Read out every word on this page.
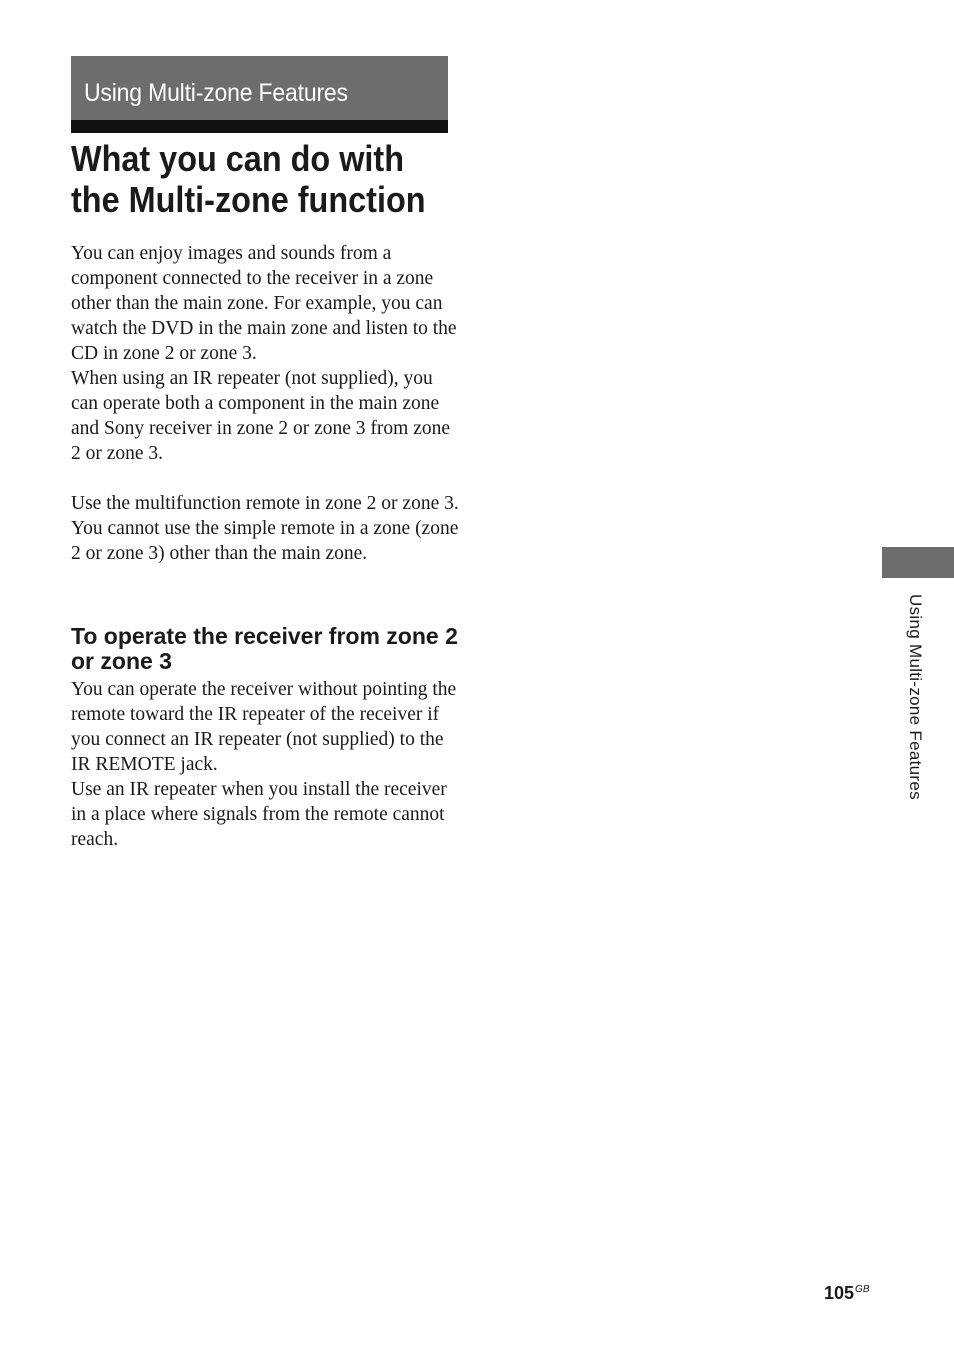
Using Multi-zone Features
What you can do with the Multi-zone function

You can enjoy images and sounds from a component connected to the receiver in a zone other than the main zone. For example, you can watch the DVD in the main zone and listen to the CD in zone 2 or zone 3.

When using an IR repeater (not supplied), you can operate both a component in the main zone and Sony receiver in zone 2 or zone 3 from zone 2 or zone 3.

Use the multifunction remote in zone 2 or zone 3. You cannot use the simple remote in a zone (zone 2 or zone 3) other than the main zone.

To operate the receiver from zone 2 or zone 3

You can operate the receiver without pointing the remote toward the IR repeater of the receiver if you connect an IR repeater (not supplied) to the IR REMOTE jack.

Use an IR repeater when you install the receiver in a place where signals from the remote cannot reach.

Using Multi-zone Features
$105^{GB}$
